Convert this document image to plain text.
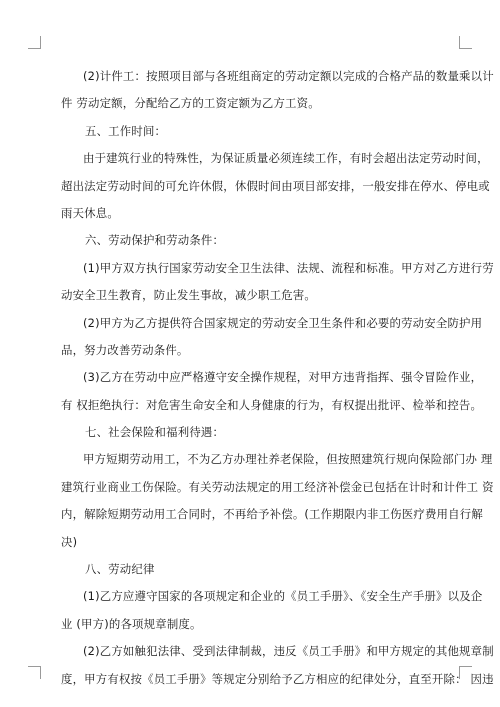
(2)计件工：按照项目部与各班组商定的劳动定额以完成的合格产品的数量乘以计
件 劳动定额，分配给乙方的工资定额为乙方工资。
五、工作时间：
由于建筑行业的特殊性，为保证质量必须连续工作，有时会超出法定劳动时间，
超出法定劳动时间的可允许休假，休假时间由项目部安排，一般安排在停水、停电或
雨天休息。
六、劳动保护和劳动条件：
(1)甲方双方执行国家劳动安全卫生法律、法规、流程和标准。甲方对乙方进行劳
动安全卫生教育，防止发生事故，减少职工危害。
(2)甲方为乙方提供符合国家规定的劳动安全卫生条件和必要的劳动安全防护用
品，努力改善劳动条件。
(3)乙方在劳动中应严格遵守安全操作规程，对甲方违背指挥、强令冒险作业，
有 权拒绝执行：对危害生命安全和人身健康的行为，有权提出批评、检举和控告。
七、社会保险和福利待遇：
甲方短期劳动用工，不为乙方办理社养老保险，但按照建筑行规向保险部门办 理
建筑行业商业工伤保险。有关劳动法规定的用工经济补偿金已包括在计时和计件工 资
内，解除短期劳动用工合同时，不再给予补偿。(工作期限内非工伤医疗费用自行解
决)
八、劳动纪律
(1)乙方应遵守国家的各项规定和企业的《员工手册》、《安全生产手册》以及企
业 (甲方)的各项规章制度。
(2)乙方如触犯法律、受到法律制裁，违反《员工手册》和甲方规定的其他规章制
度，甲方有权按《员工手册》等规定分别给予乙方相应的纪律处分，直至开除： 因违
